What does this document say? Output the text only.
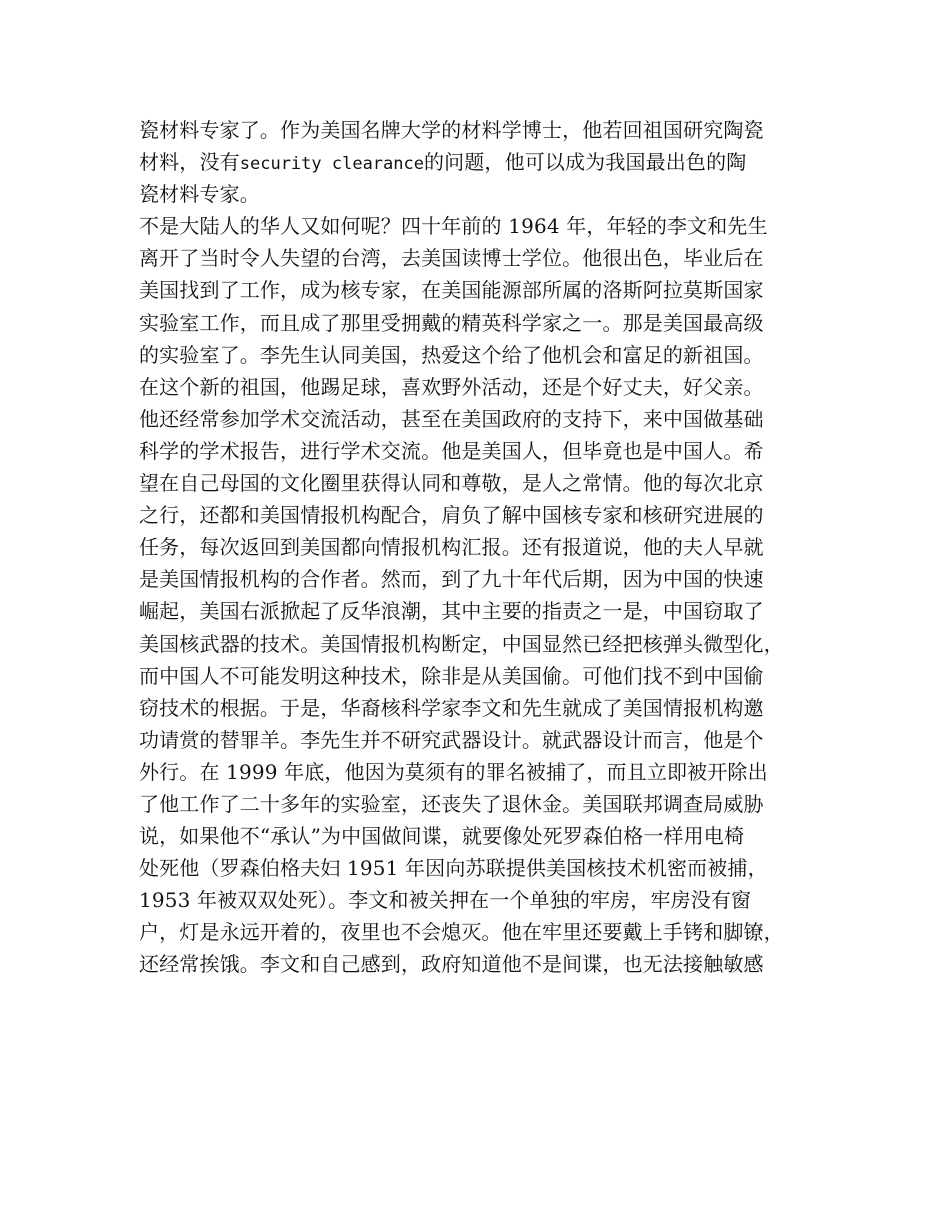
瓷材料专家了。作为美国名牌大学的材料学博士，他若回祖国研究陶瓷
材料，没有security clearance的问题，他可以成为我国最出色的陶
瓷材料专家。
不是大陆人的华人又如何呢？四十年前的 1964 年，年轻的李文和先生
离开了当时令人失望的台湾，去美国读博士学位。他很出色，毕业后在
美国找到了工作，成为核专家，在美国能源部所属的洛斯阿拉莫斯国家
实验室工作，而且成了那里受拥戴的精英科学家之一。那是美国最高级
的实验室了。李先生认同美国，热爱这个给了他机会和富足的新祖国。
在这个新的祖国，他踢足球，喜欢野外活动，还是个好丈夫，好父亲。
他还经常参加学术交流活动，甚至在美国政府的支持下，来中国做基础
科学的学术报告，进行学术交流。他是美国人，但毕竟也是中国人。希
望在自己母国的文化圈里获得认同和尊敬，是人之常情。他的每次北京
之行，还都和美国情报机构配合，肩负了解中国核专家和核研究进展的
任务，每次返回到美国都向情报机构汇报。还有报道说，他的夫人早就
是美国情报机构的合作者。然而，到了九十年代后期，因为中国的快速
崛起，美国右派掀起了反华浪潮，其中主要的指责之一是，中国窃取了
美国核武器的技术。美国情报机构断定，中国显然已经把核弹头微型化，
而中国人不可能发明这种技术，除非是从美国偷。可他们找不到中国偷
窃技术的根据。于是，华裔核科学家李文和先生就成了美国情报机构邀
功请赏的替罪羊。李先生并不研究武器设计。就武器设计而言，他是个
外行。在 1999 年底，他因为莫须有的罪名被捕了，而且立即被开除出
了他工作了二十多年的实验室，还丧失了退休金。美国联邦调查局威胁
说，如果他不“承认”为中国做间谍，就要像处死罗森伯格一样用电椅
处死他（罗森伯格夫妇 1951 年因向苏联提供美国核技术机密而被捕，
1953 年被双双处死）。李文和被关押在一个单独的牢房，牢房没有窗
户，灯是永远开着的，夜里也不会熄灭。他在牢里还要戴上手铐和脚镣，
还经常挨饿。李文和自己感到，政府知道他不是间谍，也无法接触敏感
